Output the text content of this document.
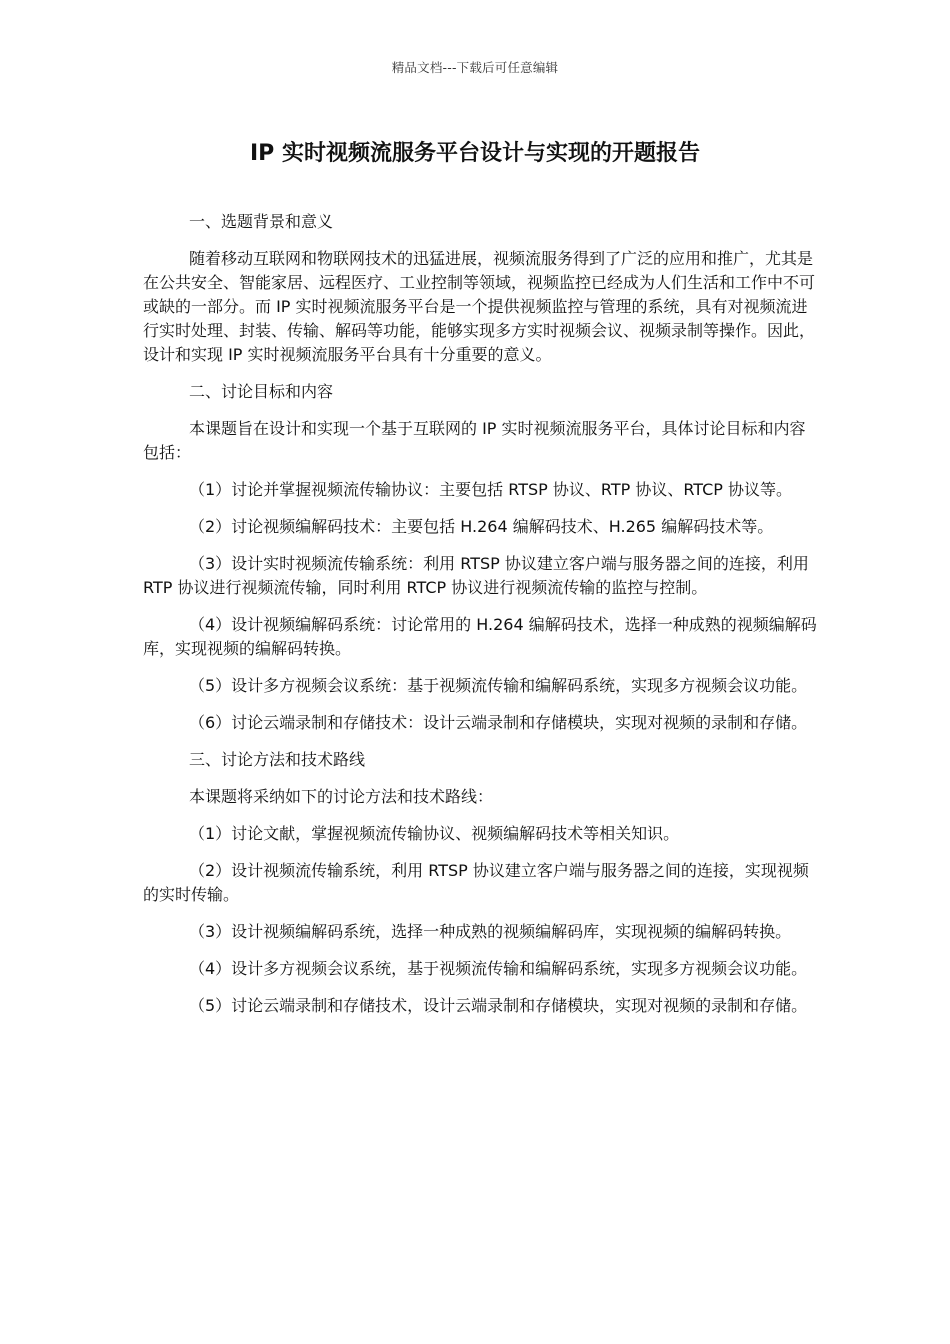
精品文档---下载后可任意编辑
IP 实时视频流服务平台设计与实现的开题报告

一、选题背景和意义

随着移动互联网和物联网技术的迅猛进展，视频流服务得到了广泛的应用和推广，尤其是在公共安全、智能家居、远程医疗、工业控制等领域，视频监控已经成为人们生活和工作中不可或缺的一部分。而 IP 实时视频流服务平台是一个提供视频监控与管理的系统，具有对视频流进行实时处理、封装、传输、解码等功能，能够实现多方实时视频会议、视频录制等操作。因此，设计和实现 IP 实时视频流服务平台具有十分重要的意义。

二、讨论目标和内容

本课题旨在设计和实现一个基于互联网的 IP 实时视频流服务平台，具体讨论目标和内容包括：

（1）讨论并掌握视频流传输协议：主要包括 RTSP 协议、RTP 协议、RTCP 协议等。

（2）讨论视频编解码技术：主要包括 H.264 编解码技术、H.265 编解码技术等。

（3）设计实时视频流传输系统：利用 RTSP 协议建立客户端与服务器之间的连接，利用 RTP 协议进行视频流传输，同时利用 RTCP 协议进行视频流传输的监控与控制。

（4）设计视频编解码系统：讨论常用的 H.264 编解码技术，选择一种成熟的视频编解码库，实现视频的编解码转换。

（5）设计多方视频会议系统：基于视频流传输和编解码系统，实现多方视频会议功能。

（6）讨论云端录制和存储技术：设计云端录制和存储模块，实现对视频的录制和存储。

三、讨论方法和技术路线

本课题将采纳如下的讨论方法和技术路线：

（1）讨论文献，掌握视频流传输协议、视频编解码技术等相关知识。

（2）设计视频流传输系统，利用 RTSP 协议建立客户端与服务器之间的连接，实现视频的实时传输。

（3）设计视频编解码系统，选择一种成熟的视频编解码库，实现视频的编解码转换。

（4）设计多方视频会议系统，基于视频流传输和编解码系统，实现多方视频会议功能。

（5）讨论云端录制和存储技术，设计云端录制和存储模块，实现对视频的录制和存储。
